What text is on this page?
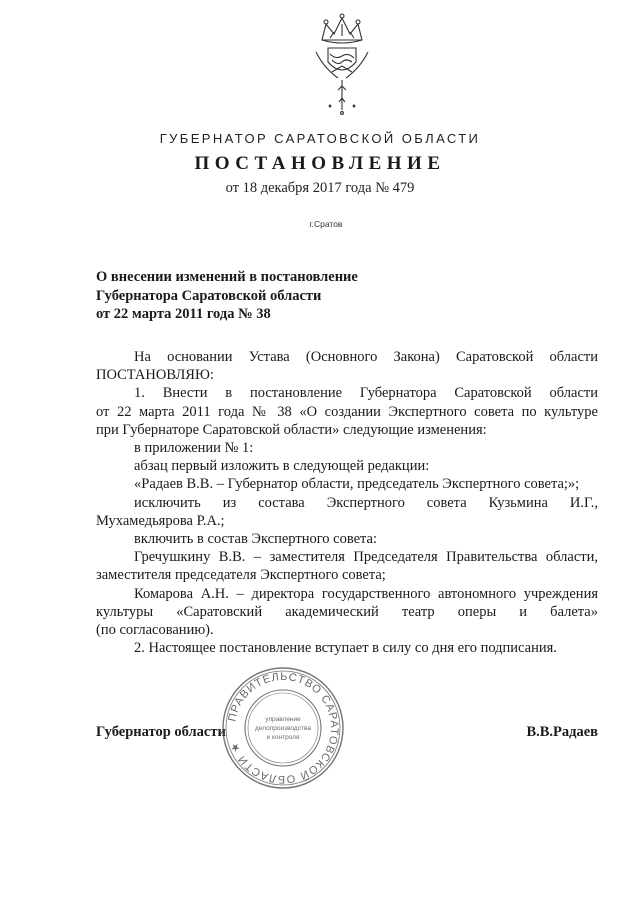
ГУБЕРНАТОР САРАТОВСКОЙ ОБЛАСТИ
ПОСТАНОВЛЕНИЕ
от 18 декабря 2017 года № 479
г.Сратов
О внесении изменений в постановление
Губернатора Саратовской области
от 22 марта 2011 года № 38
На основании Устава (Основного Закона) Саратовской области
ПОСТАНОВЛЯЮ:
1. Внести в постановление Губернатора Саратовской области
от 22 марта 2011 года № 38 «О создании Экспертного совета по культуре
при Губернаторе Саратовской области» следующие изменения:
в приложении № 1:
абзац первый изложить в следующей редакции:
«Радаев В.В. – Губернатор области, председатель Экспертного совета;»;
исключить из состава Экспертного совета Кузьмина И.Г.,
Мухамедьярова Р.А.;
включить в состав Экспертного совета:
Гречушкину В.В. – заместителя Председателя Правительства области,
заместителя председателя Экспертного совета;
Комарова А.Н. – директора государственного автономного учреждения
культуры «Саратовский академический театр оперы и балета»
(по согласованию).
2. Настоящее постановление вступает в силу со дня его подписания.
Губернатор области	В.В.Радаев
ПРАВИТЕЛЬСТВО САРАТОВСКОЙ ОБЛАСТИ ★
управление
делопроизводства
и контроля
